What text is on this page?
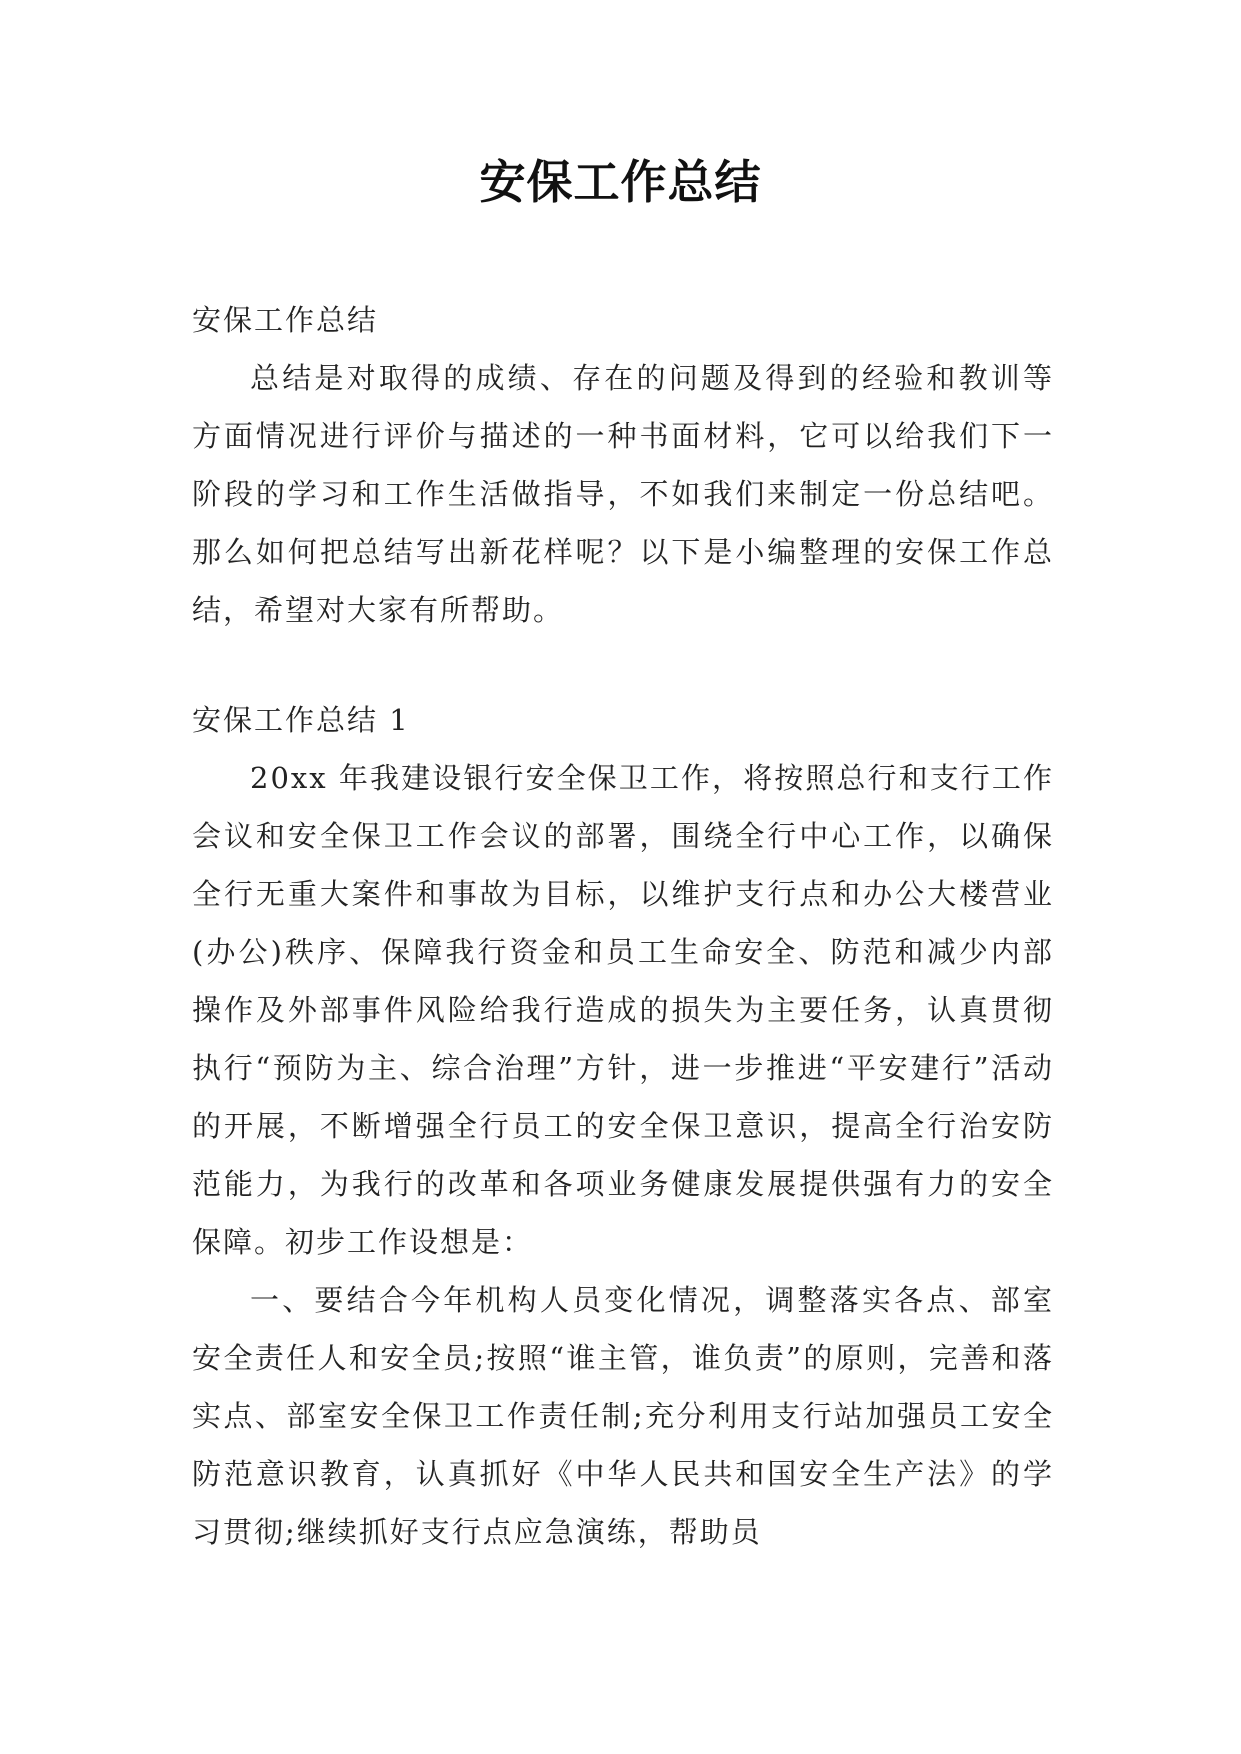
安保工作总结
安保工作总结

总结是对取得的成绩、存在的问题及得到的经验和教训等方面情况进行评价与描述的一种书面材料，它可以给我们下一阶段的学习和工作生活做指导，不如我们来制定一份总结吧。那么如何把总结写出新花样呢？以下是小编整理的安保工作总结，希望对大家有所帮助。

安保工作总结 1

20xx 年我建设银行安全保卫工作，将按照总行和支行工作会议和安全保卫工作会议的部署，围绕全行中心工作，以确保全行无重大案件和事故为目标，以维护支行点和办公大楼营业(办公)秩序、保障我行资金和员工生命安全、防范和减少内部操作及外部事件风险给我行造成的损失为主要任务，认真贯彻执行“预防为主、综合治理”方针，进一步推进“平安建行”活动的开展，不断增强全行员工的安全保卫意识，提高全行治安防范能力，为我行的改革和各项业务健康发展提供强有力的安全保障。初步工作设想是：

一、要结合今年机构人员变化情况，调整落实各点、部室安全责任人和安全员;按照“谁主管，谁负责”的原则，完善和落实点、部室安全保卫工作责任制;充分利用支行站加强员工安全防范意识教育，认真抓好《中华人民共和国安全生产法》的学习贯彻;继续抓好支行点应急演练，帮助员
